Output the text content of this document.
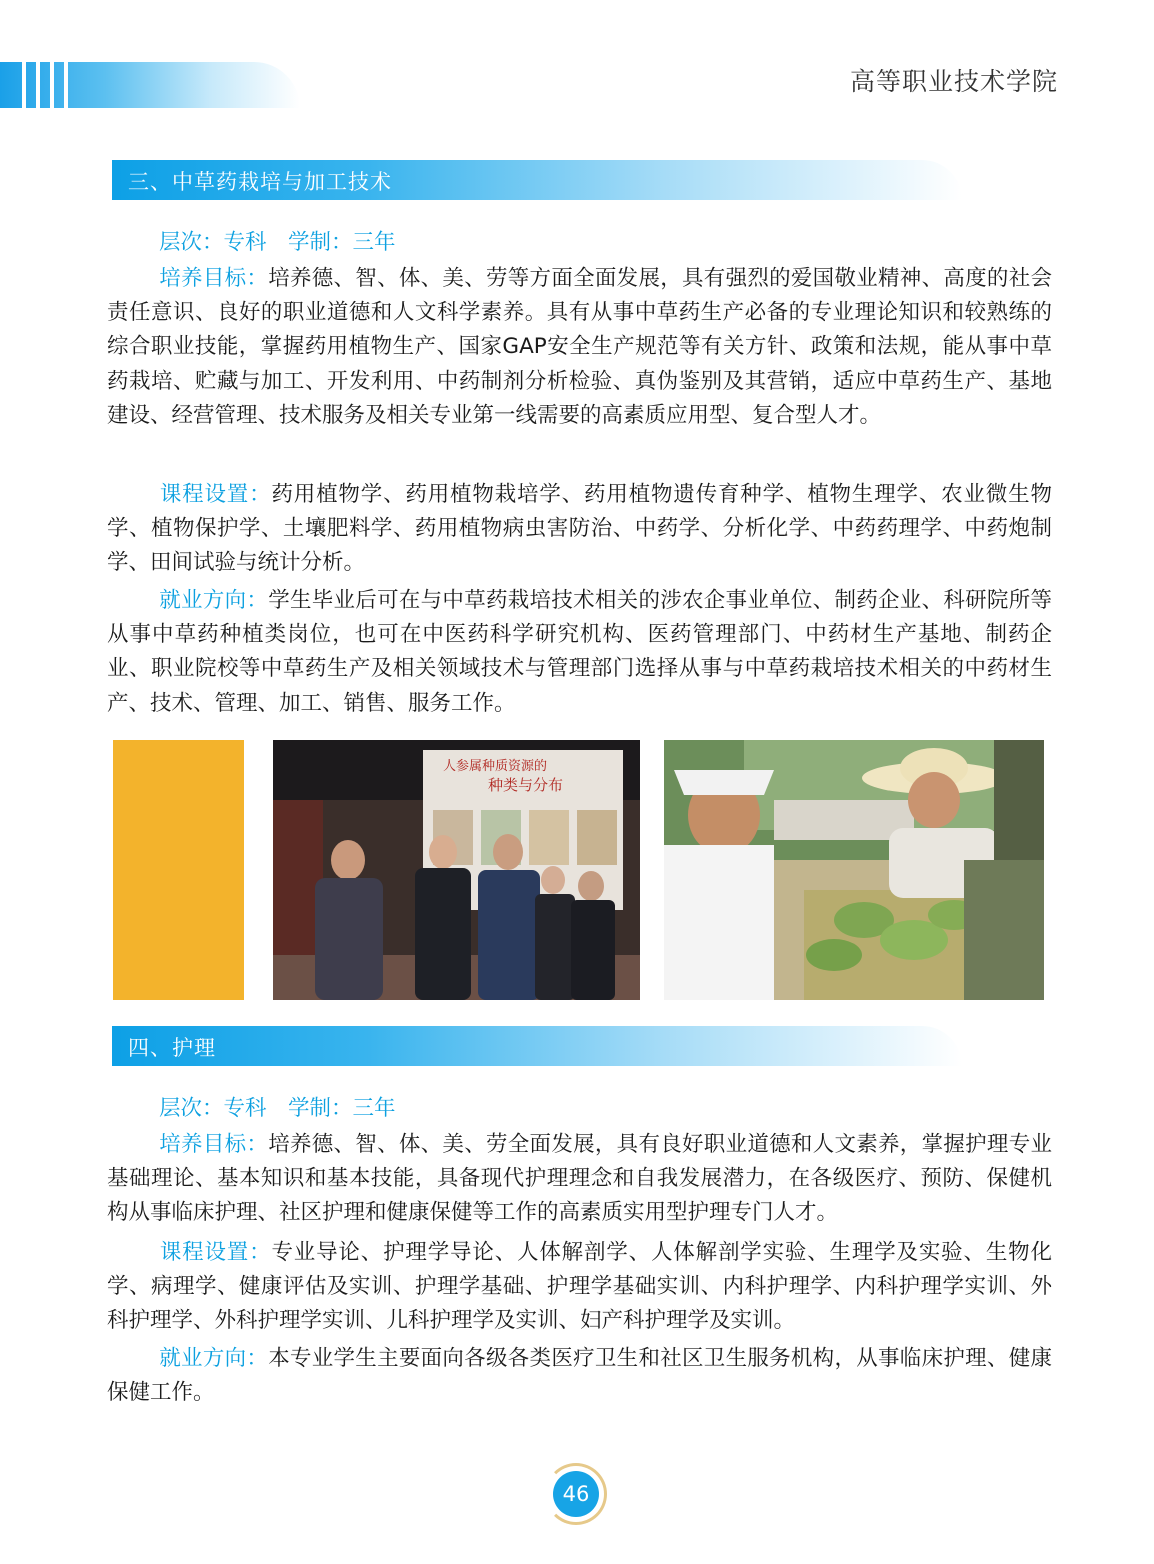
高等职业技术学院
三、中草药栽培与加工技术
层次：专科　学制：三年
培养目标：培养德、智、体、美、劳等方面全面发展，具有强烈的爱国敬业精神、高度的社会责任意识、良好的职业道德和人文科学素养。具有从事中草药生产必备的专业理论知识和较熟练的综合职业技能，掌握药用植物生产、国家GAP安全生产规范等有关方针、政策和法规，能从事中草药栽培、贮藏与加工、开发利用、中药制剂分析检验、真伪鉴别及其营销，适应中草药生产、基地建设、经营管理、技术服务及相关专业第一线需要的高素质应用型、复合型人才。
课程设置：药用植物学、药用植物栽培学、药用植物遗传育种学、植物生理学、农业微生物学、植物保护学、土壤肥料学、药用植物病虫害防治、中药学、分析化学、中药药理学、中药炮制学、田间试验与统计分析。
就业方向：学生毕业后可在与中草药栽培技术相关的涉农企事业单位、制药企业、科研院所等从事中草药种植类岗位，也可在中医药科学研究机构、医药管理部门、中药材生产基地、制药企业、职业院校等中草药生产及相关领域技术与管理部门选择从事与中草药栽培技术相关的中药材生产、技术、管理、加工、销售、服务工作。
人参属种质资源的
种类与分布
四、护理
层次：专科　学制：三年
培养目标：培养德、智、体、美、劳全面发展，具有良好职业道德和人文素养，掌握护理专业基础理论、基本知识和基本技能，具备现代护理理念和自我发展潜力，在各级医疗、预防、保健机构从事临床护理、社区护理和健康保健等工作的高素质实用型护理专门人才。
课程设置：专业导论、护理学导论、人体解剖学、人体解剖学实验、生理学及实验、生物化学、病理学、健康评估及实训、护理学基础、护理学基础实训、内科护理学、内科护理学实训、外科护理学、外科护理学实训、儿科护理学及实训、妇产科护理学及实训。
就业方向：本专业学生主要面向各级各类医疗卫生和社区卫生服务机构，从事临床护理、健康保健工作。
46
